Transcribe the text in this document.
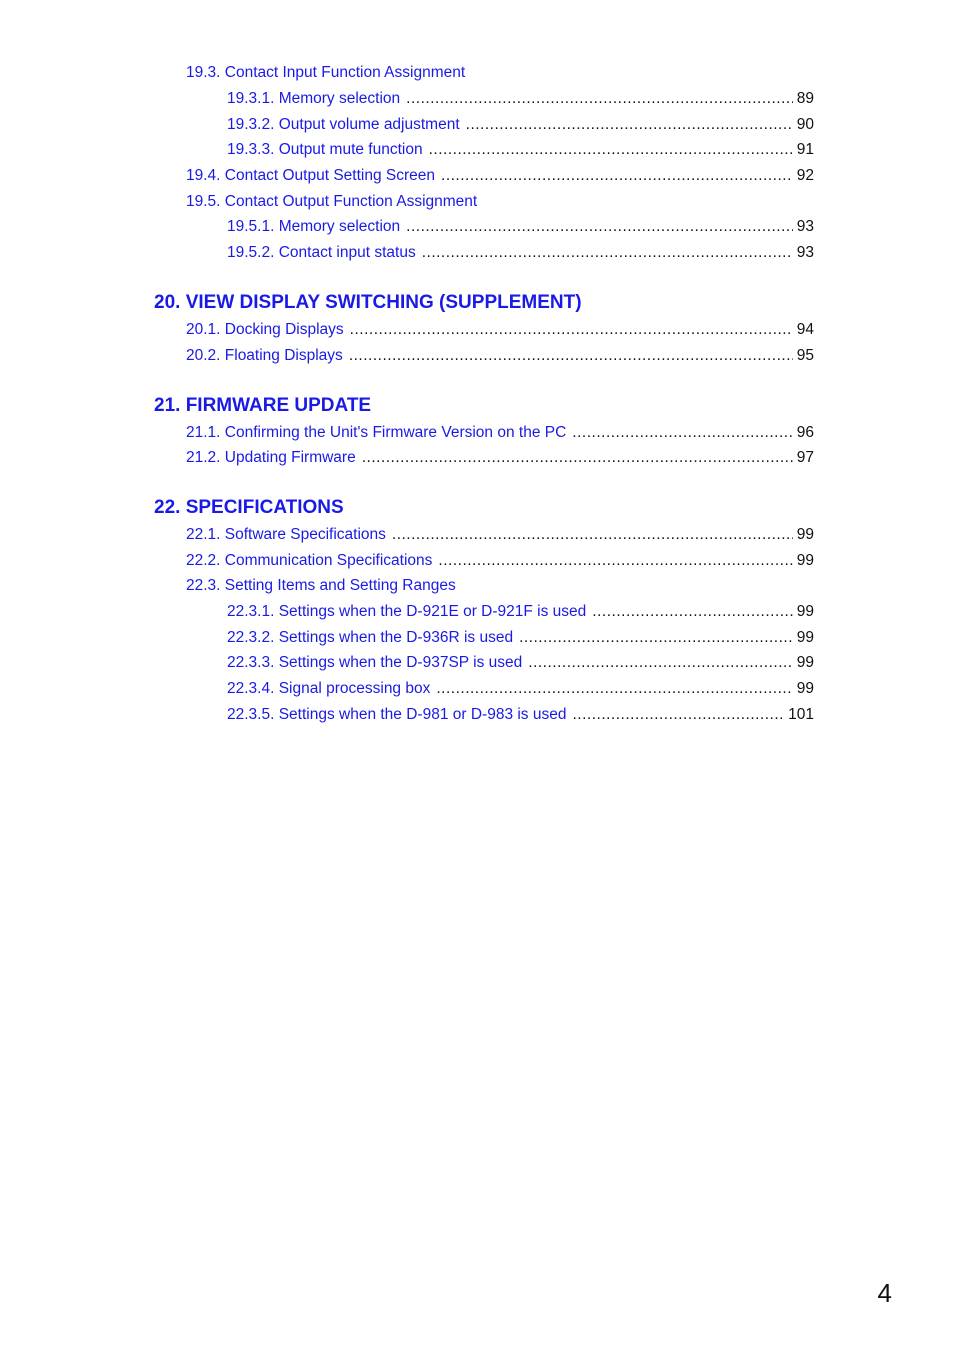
19.3. Contact Input Function Assignment
19.3.1. Memory selection .....	89
19.3.2. Output volume adjustment .....	90
19.3.3. Output mute function .....	91
19.4. Contact Output Setting Screen .....	92
19.5. Contact Output Function Assignment
19.5.1. Memory selection .....	93
19.5.2. Contact input status .....	93
20. VIEW DISPLAY SWITCHING (SUPPLEMENT)
20.1. Docking Displays .....	94
20.2. Floating Displays .....	95
21. FIRMWARE UPDATE
21.1. Confirming the Unit's Firmware Version on the PC .....	96
21.2. Updating Firmware .....	97
22. SPECIFICATIONS
22.1. Software Specifications .....	99
22.2. Communication Specifications .....	99
22.3. Setting Items and Setting Ranges
22.3.1. Settings when the D-921E or D-921F is used .....	99
22.3.2. Settings when the D-936R is used .....	99
22.3.3. Settings when the D-937SP is used .....	99
22.3.4. Signal processing box .....	99
22.3.5. Settings when the D-981 or D-983 is used .....	101
4
